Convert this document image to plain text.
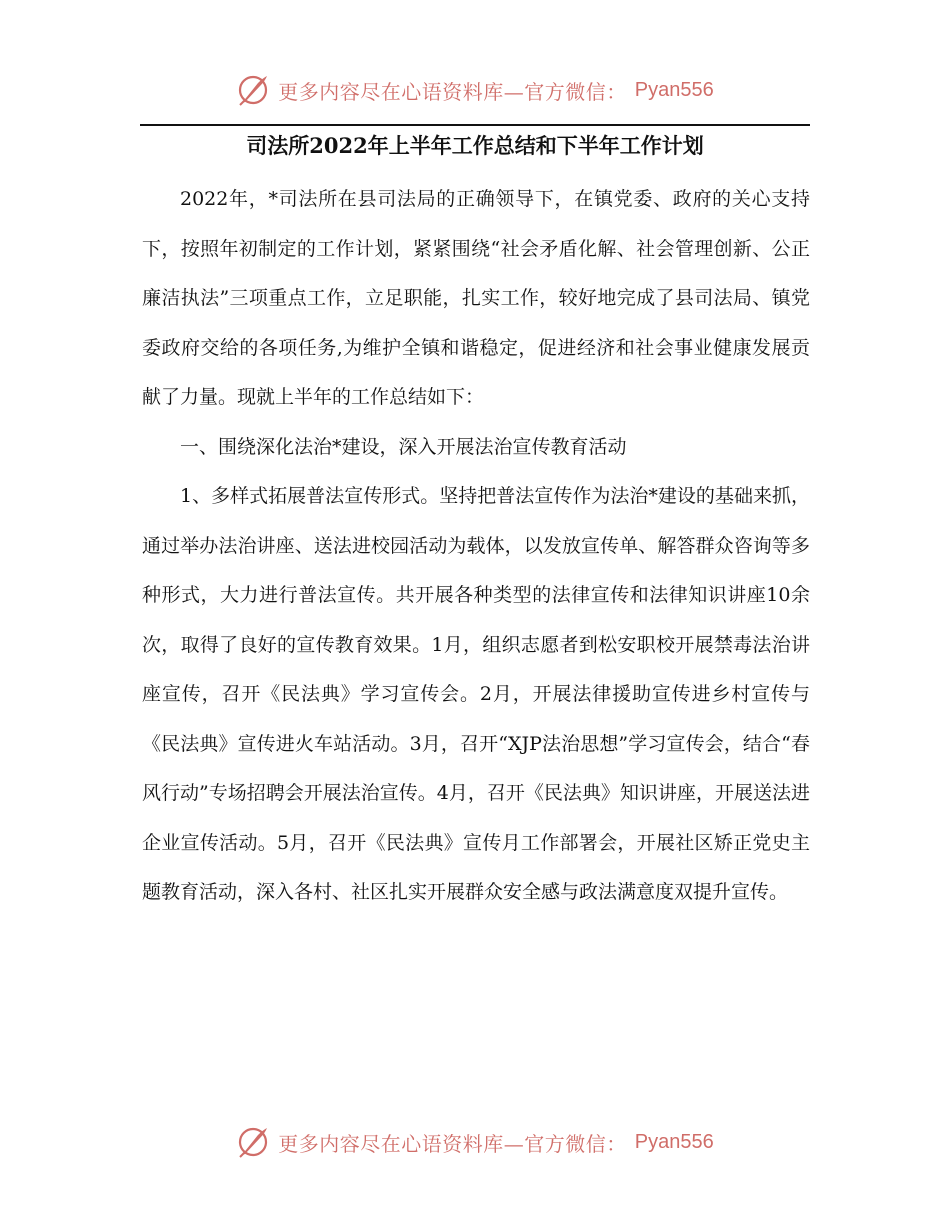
更多内容尽在心语资料库—官方微信： Pyan556
司法所2022年上半年工作总结和下半年工作计划

2022年，*司法所在县司法局的正确领导下，在镇党委、政府的关心支持下，按照年初制定的工作计划，紧紧围绕“社会矛盾化解、社会管理创新、公正廉洁执法”三项重点工作，立足职能，扎实工作，较好地完成了县司法局、镇党委政府交给的各项任务,为维护全镇和谐稳定，促进经济和社会事业健康发展贡献了力量。现就上半年的工作总结如下：

一、围绕深化法治*建设，深入开展法治宣传教育活动

1、多样式拓展普法宣传形式。坚持把普法宣传作为法治*建设的基础来抓，通过举办法治讲座、送法进校园活动为载体，以发放宣传单、解答群众咨询等多种形式，大力进行普法宣传。共开展各种类型的法律宣传和法律知识讲座10余次，取得了良好的宣传教育效果。1月，组织志愿者到松安职校开展禁毒法治讲座宣传，召开《民法典》学习宣传会。2月，开展法律援助宣传进乡村宣传与《民法典》宣传进火车站活动。3月，召开“XJP法治思想”学习宣传会，结合“春风行动”专场招聘会开展法治宣传。4月，召开《民法典》知识讲座，开展送法进企业宣传活动。5月，召开《民法典》宣传月工作部署会，开展社区矫正党史主题教育活动，深入各村、社区扎实开展群众安全感与政法满意度双提升宣传。

更多内容尽在心语资料库—官方微信： Pyan556
